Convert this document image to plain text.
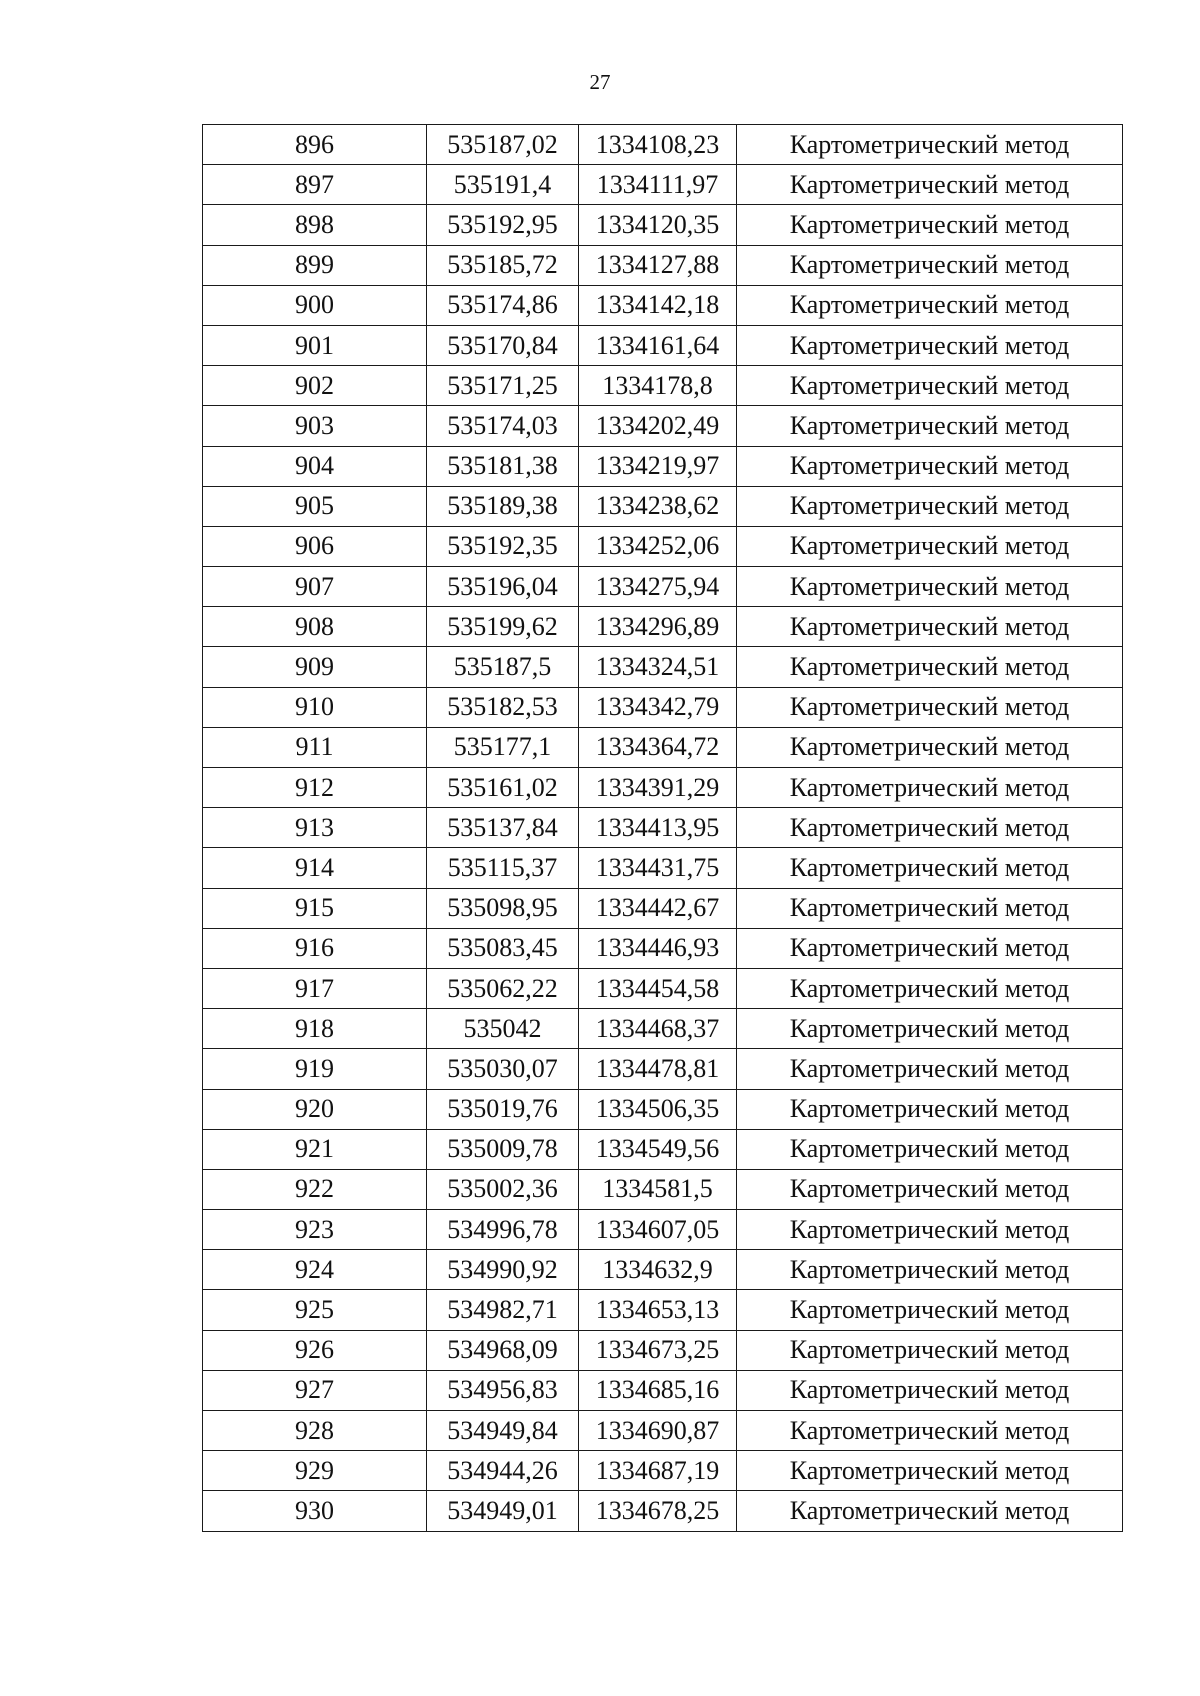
27
896	535187,02	1334108,23	Картометрический метод
897	535191,4	1334111,97	Картометрический метод
898	535192,95	1334120,35	Картометрический метод
899	535185,72	1334127,88	Картометрический метод
900	535174,86	1334142,18	Картометрический метод
901	535170,84	1334161,64	Картометрический метод
902	535171,25	1334178,8	Картометрический метод
903	535174,03	1334202,49	Картометрический метод
904	535181,38	1334219,97	Картометрический метод
905	535189,38	1334238,62	Картометрический метод
906	535192,35	1334252,06	Картометрический метод
907	535196,04	1334275,94	Картометрический метод
908	535199,62	1334296,89	Картометрический метод
909	535187,5	1334324,51	Картометрический метод
910	535182,53	1334342,79	Картометрический метод
911	535177,1	1334364,72	Картометрический метод
912	535161,02	1334391,29	Картометрический метод
913	535137,84	1334413,95	Картометрический метод
914	535115,37	1334431,75	Картометрический метод
915	535098,95	1334442,67	Картометрический метод
916	535083,45	1334446,93	Картометрический метод
917	535062,22	1334454,58	Картометрический метод
918	535042	1334468,37	Картометрический метод
919	535030,07	1334478,81	Картометрический метод
920	535019,76	1334506,35	Картометрический метод
921	535009,78	1334549,56	Картометрический метод
922	535002,36	1334581,5	Картометрический метод
923	534996,78	1334607,05	Картометрический метод
924	534990,92	1334632,9	Картометрический метод
925	534982,71	1334653,13	Картометрический метод
926	534968,09	1334673,25	Картометрический метод
927	534956,83	1334685,16	Картометрический метод
928	534949,84	1334690,87	Картометрический метод
929	534944,26	1334687,19	Картометрический метод
930	534949,01	1334678,25	Картометрический метод
